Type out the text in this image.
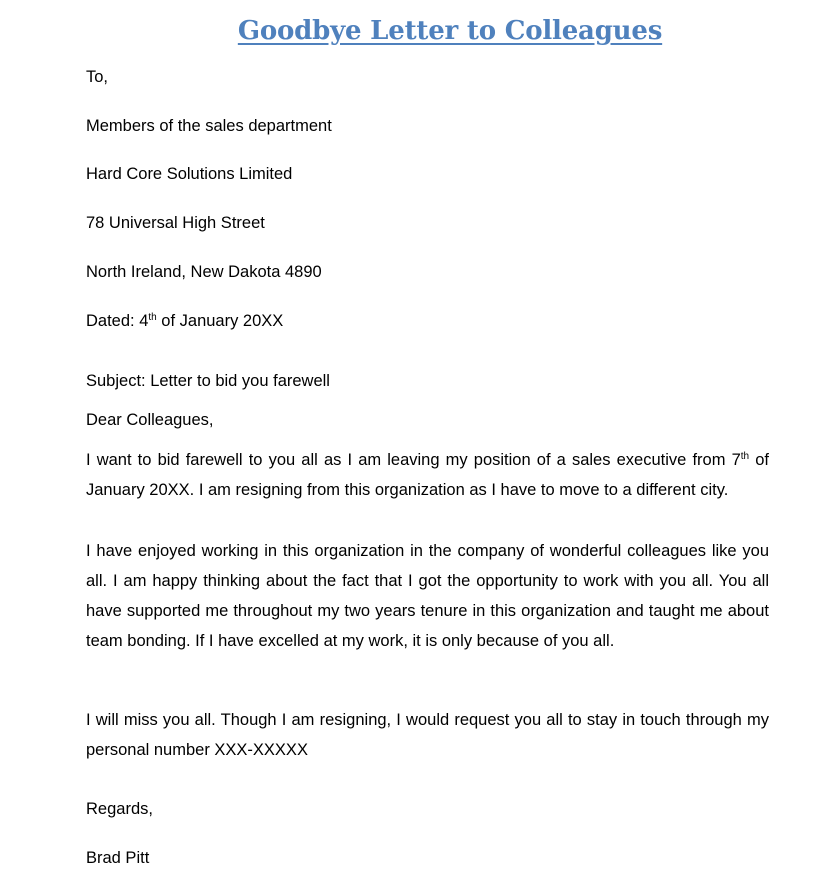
Goodbye Letter to Colleagues
To,
Members of the sales department
Hard Core Solutions Limited
78 Universal High Street
North Ireland, New Dakota 4890
Dated: 4th of January 20XX
Subject: Letter to bid you farewell
Dear Colleagues,
I want to bid farewell to you all as I am leaving my position of a sales executive from 7th of January 20XX. I am resigning from this organization as I have to move to a different city.
I have enjoyed working in this organization in the company of wonderful colleagues like you all. I am happy thinking about the fact that I got the opportunity to work with you all. You all have supported me throughout my two years tenure in this organization and taught me about team bonding. If I have excelled at my work, it is only because of you all.
I will miss you all. Though I am resigning, I would request you all to stay in touch through my personal number XXX-XXXXX
Regards,
Brad Pitt
